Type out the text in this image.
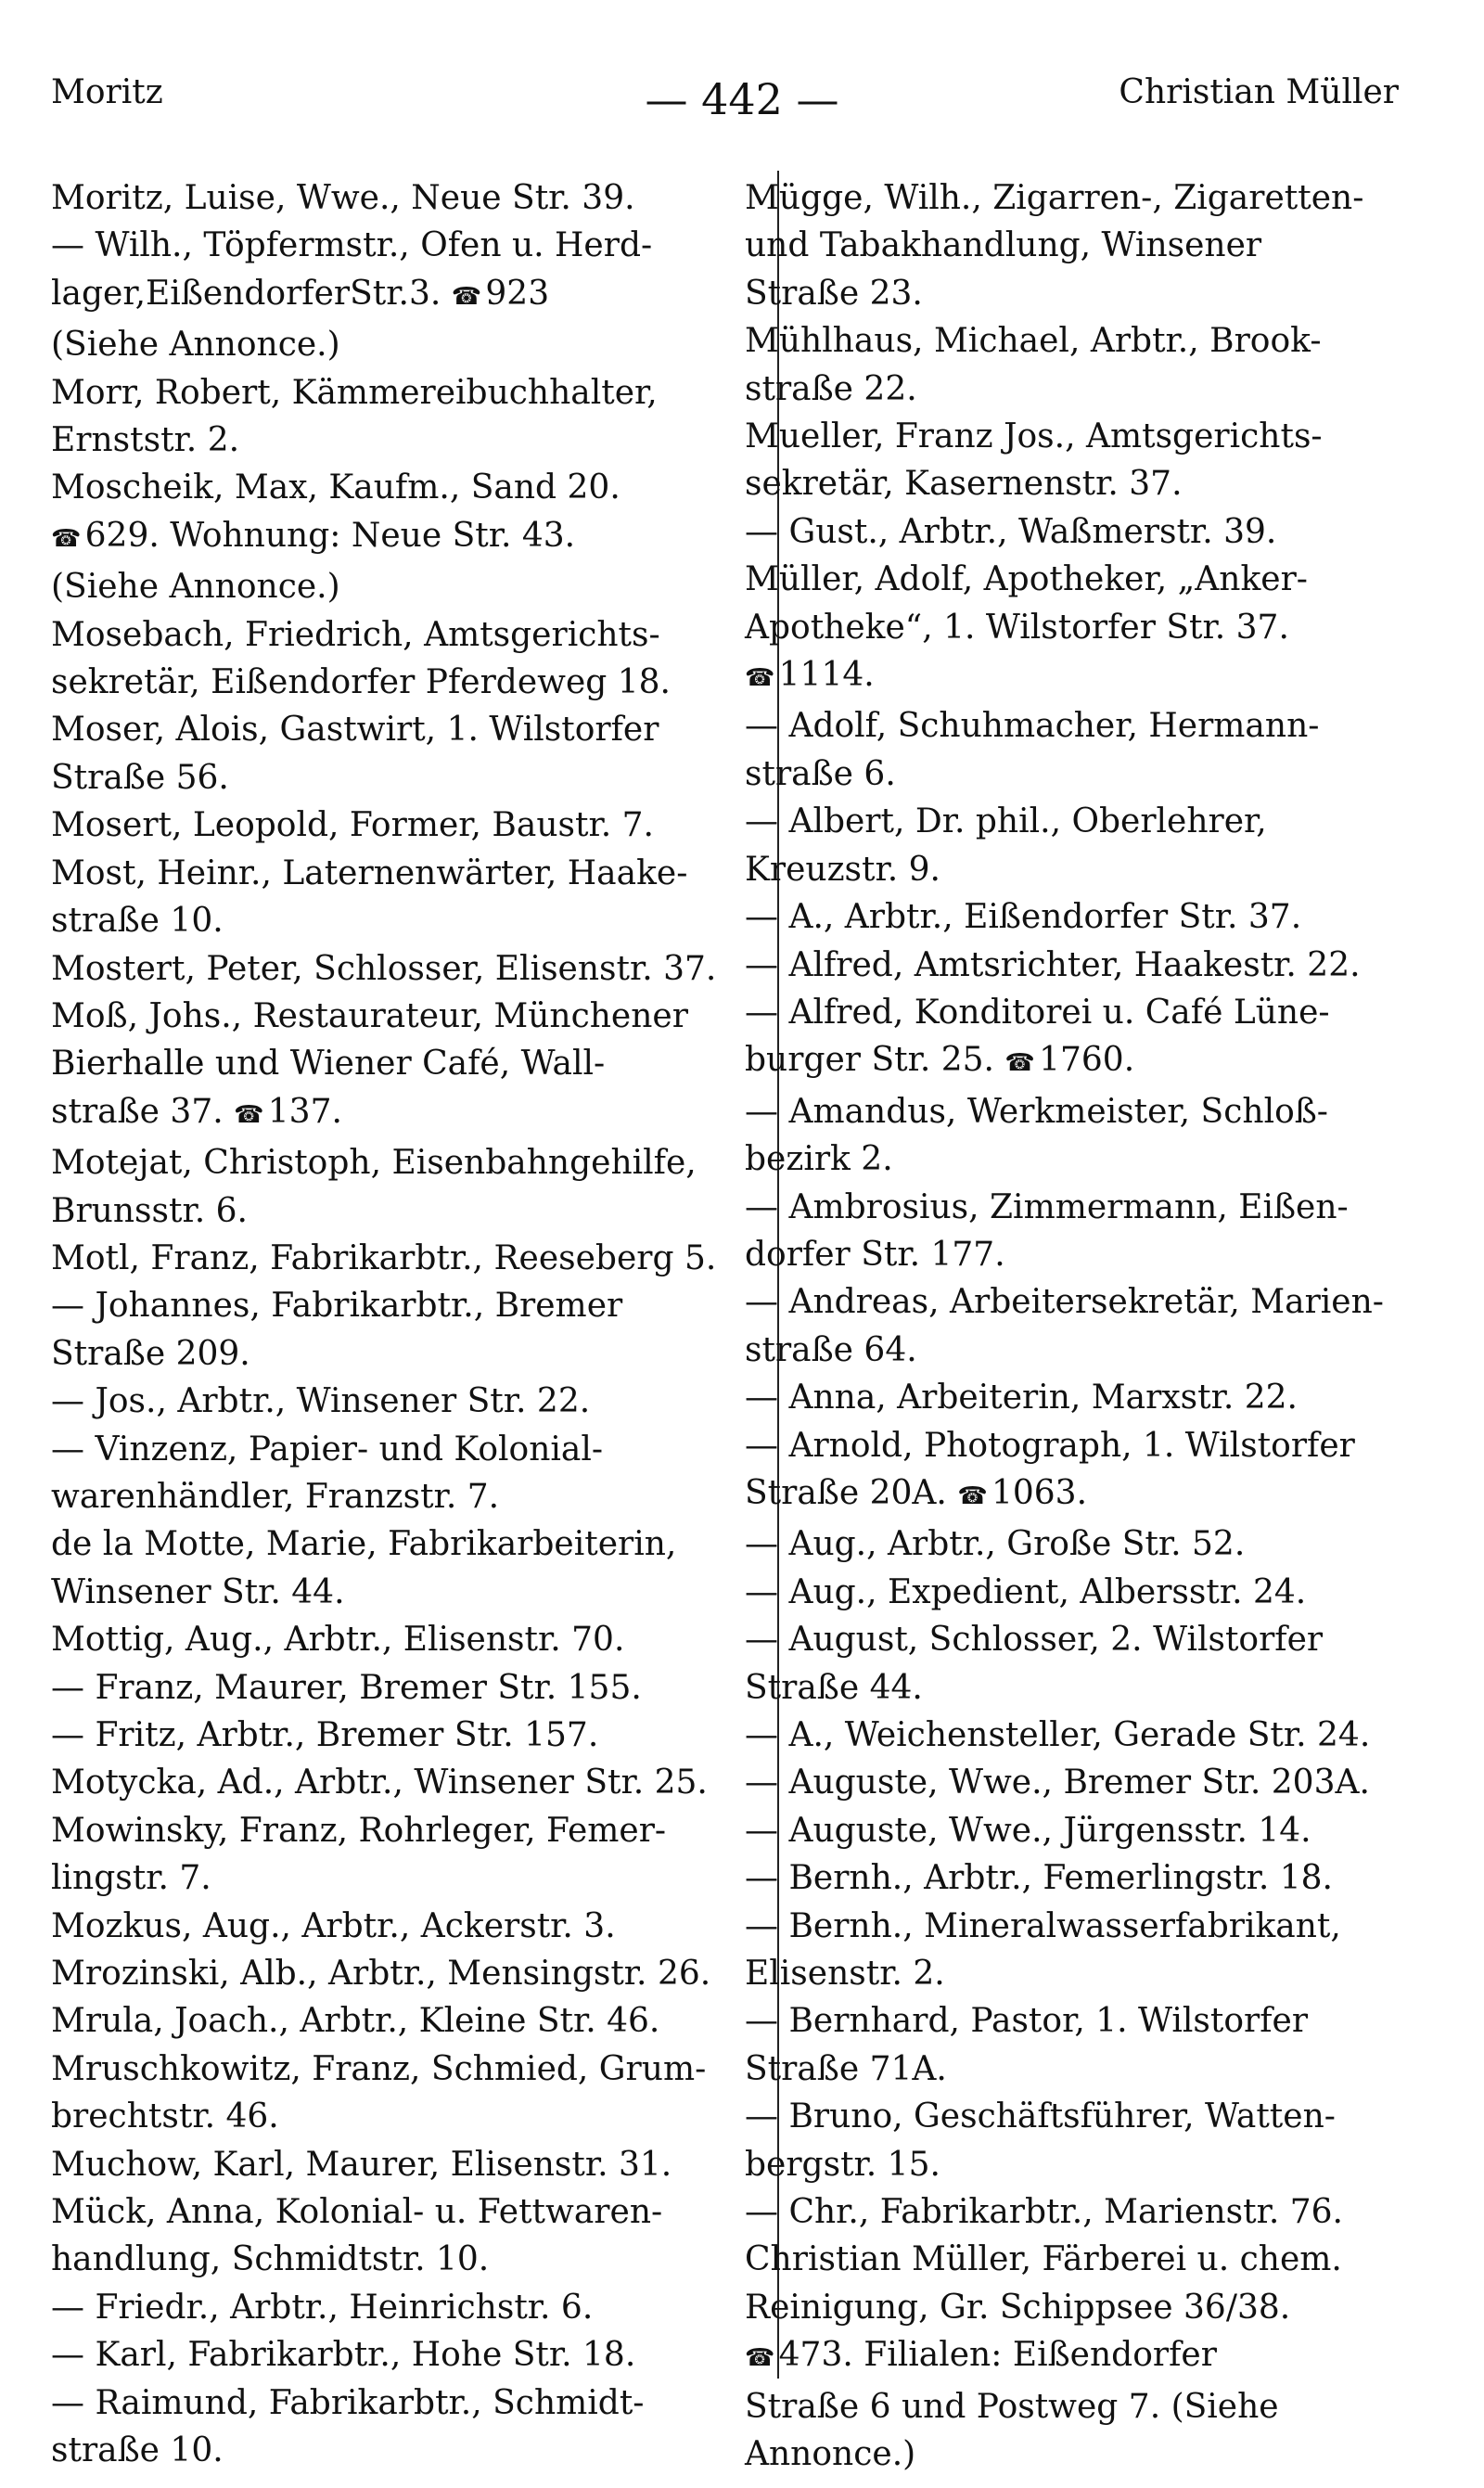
Moritz	— 442 —	Christian Müller
Moritz, Luise, Wwe., Neue Str. 39.
— Wilh., Töpfermstr., Ofen u. Herd-
lager,EißendorferStr.3. ☎ 923
(Siehe Annonce.)
Morr, Robert, Kämmereibuchhalter,
Ernststr. 2.
Moscheik, Max, Kaufm., Sand 20.
☎ 629. Wohnung: Neue Str. 43.
(Siehe Annonce.)
Mosebach, Friedrich, Amtsgerichts-
sekretär, Eißendorfer Pferdeweg 18.
Moser, Alois, Gastwirt, 1. Wilstorfer
Straße 56.
Mosert, Leopold, Former, Baustr. 7.
Most, Heinr., Laternenwärter, Haake-
straße 10.
Mostert, Peter, Schlosser, Elisenstr. 37.
Moß, Johs., Restaurateur, Münchener
Bierhalle und Wiener Café, Wall-
straße 37. ☎ 137.
Motejat, Christoph, Eisenbahngehilfe,
Brunsstr. 6.
Motl, Franz, Fabrikarbtr., Reeseberg 5.
— Johannes, Fabrikarbtr., Bremer
Straße 209.
— Jos., Arbtr., Winsener Str. 22.
— Vinzenz, Papier- und Kolonial-
warenhändler, Franzstr. 7.
de la Motte, Marie, Fabrikarbeiterin,
Winsener Str. 44.
Mottig, Aug., Arbtr., Elisenstr. 70.
— Franz, Maurer, Bremer Str. 155.
— Fritz, Arbtr., Bremer Str. 157.
Motycka, Ad., Arbtr., Winsener Str. 25.
Mowinsky, Franz, Rohrleger, Femer-
lingstr. 7.
Mozkus, Aug., Arbtr., Ackerstr. 3.
Mrozinski, Alb., Arbtr., Mensingstr. 26.
Mrula, Joach., Arbtr., Kleine Str. 46.
Mruschkowitz, Franz, Schmied, Grum-
brechtstr. 46.
Muchow, Karl, Maurer, Elisenstr. 31.
Mück, Anna, Kolonial- u. Fettwaren-
handlung, Schmidtstr. 10.
— Friedr., Arbtr., Heinrichstr. 6.
— Karl, Fabrikarbtr., Hohe Str. 18.
— Raimund, Fabrikarbtr., Schmidt-
straße 10.
Mügge, Wilh., Zigarren-, Zigaretten-
und Tabakhandlung, Winsener
Straße 23.
Mühlhaus, Michael, Arbtr., Brook-
straße 22.
Mueller, Franz Jos., Amtsgerichts-
sekretär, Kasernenstr. 37.
— Gust., Arbtr., Waßmerstr. 39.
Müller, Adolf, Apotheker, „Anker-
Apotheke“, 1. Wilstorfer Str. 37.
☎ 1114.
— Adolf, Schuhmacher, Hermann-
straße 6.
— Albert, Dr. phil., Oberlehrer,
Kreuzstr. 9.
— A., Arbtr., Eißendorfer Str. 37.
— Alfred, Amtsrichter, Haakestr. 22.
— Alfred, Konditorei u. Café Lüne-
burger Str. 25. ☎ 1760.
— Amandus, Werkmeister, Schloß-
bezirk 2.
— Ambrosius, Zimmermann, Eißen-
dorfer Str. 177.
— Andreas, Arbeitersekretär, Marien-
straße 64.
— Anna, Arbeiterin, Marxstr. 22.
— Arnold, Photograph, 1. Wilstorfer
Straße 20A. ☎ 1063.
— Aug., Arbtr., Große Str. 52.
— Aug., Expedient, Albersstr. 24.
— August, Schlosser, 2. Wilstorfer
Straße 44.
— A., Weichensteller, Gerade Str. 24.
— Auguste, Wwe., Bremer Str. 203A.
— Auguste, Wwe., Jürgensstr. 14.
— Bernh., Arbtr., Femerlingstr. 18.
— Bernh., Mineralwasserfabrikant,
Elisenstr. 2.
— Bernhard, Pastor, 1. Wilstorfer
Straße 71A.
— Bruno, Geschäftsführer, Watten-
bergstr. 15.
— Chr., Fabrikarbtr., Marienstr. 76.
Christian Müller, Färberei u. chem.
Reinigung, Gr. Schippsee 36/38.
☎ 473. Filialen: Eißendorfer
Straße 6 und Postweg 7. (Siehe
Annonce.)
